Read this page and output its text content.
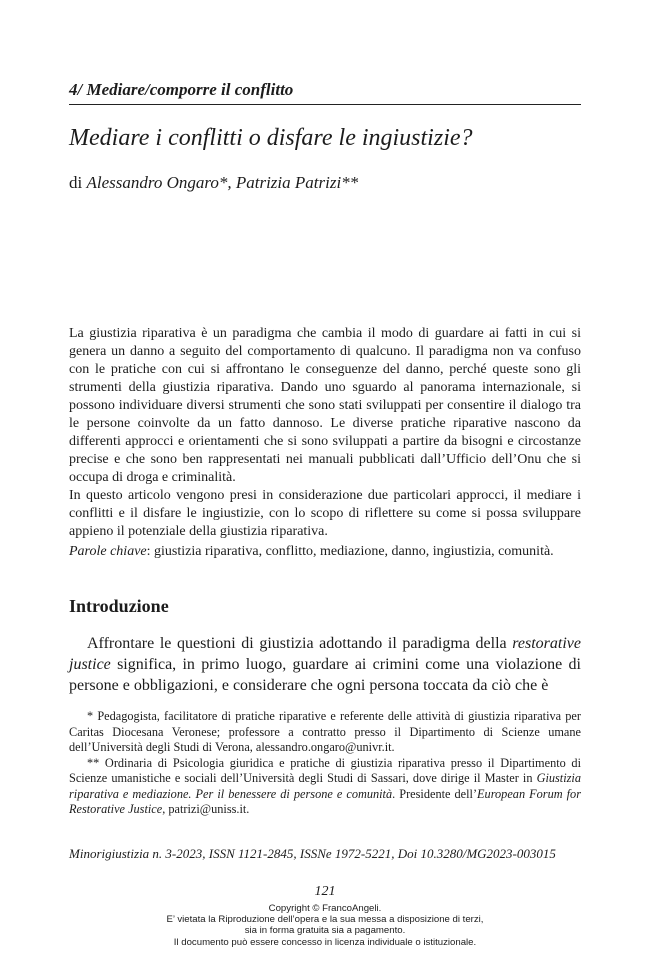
4/ Mediare/comporre il conflitto
Mediare i conflitti o disfare le ingiustizie?
di Alessandro Ongaro*, Patrizia Patrizi**

La giustizia riparativa è un paradigma che cambia il modo di guardare ai fatti in cui si genera un danno a seguito del comportamento di qualcuno. Il paradigma non va confuso con le pratiche con cui si affrontano le conseguenze del danno, perché queste sono gli strumenti della giustizia riparativa. Dando uno sguardo al panorama internazionale, si possono individuare diversi strumenti che sono stati sviluppati per consentire il dialogo tra le persone coinvolte da un fatto dannoso. Le diverse pratiche riparative nascono da differenti approcci e orientamenti che si sono sviluppati a partire da bisogni e circostanze precise e che sono ben rappresentati nei manuali pubblicati dall’Ufficio dell’Onu che si occupa di droga e criminalità.

In questo articolo vengono presi in considerazione due particolari approcci, il mediare i conflitti e il disfare le ingiustizie, con lo scopo di riflettere su come si possa sviluppare appieno il potenziale della giustizia riparativa.

Parole chiave: giustizia riparativa, conflitto, mediazione, danno, ingiustizia, comunità.
Introduzione
Affrontare le questioni di giustizia adottando il paradigma della restorative justice significa, in primo luogo, guardare ai crimini come una violazione di persone e obbligazioni, e considerare che ogni persona toccata da ciò che è

* Pedagogista, facilitatore di pratiche riparative e referente delle attività di giustizia riparativa per Caritas Diocesana Veronese; professore a contratto presso il Dipartimento di Scienze umane dell’Università degli Studi di Verona, alessandro.ongaro@univr.it.

** Ordinaria di Psicologia giuridica e pratiche di giustizia riparativa presso il Dipartimento di Scienze umanistiche e sociali dell’Università degli Studi di Sassari, dove dirige il Master in Giustizia riparativa e mediazione. Per il benessere di persone e comunità. Presidente dell’European Forum for Restorative Justice, patrizi@uniss.it.

Minorigiustizia n. 3-2023, ISSN 1121-2845, ISSNe 1972-5221, Doi 10.3280/MG2023-003015
121
Copyright © FrancoAngeli.
E’ vietata la Riproduzione dell’opera e la sua messa a disposizione di terzi,
sia in forma gratuita sia a pagamento.
Il documento può essere concesso in licenza individuale o istituzionale.
